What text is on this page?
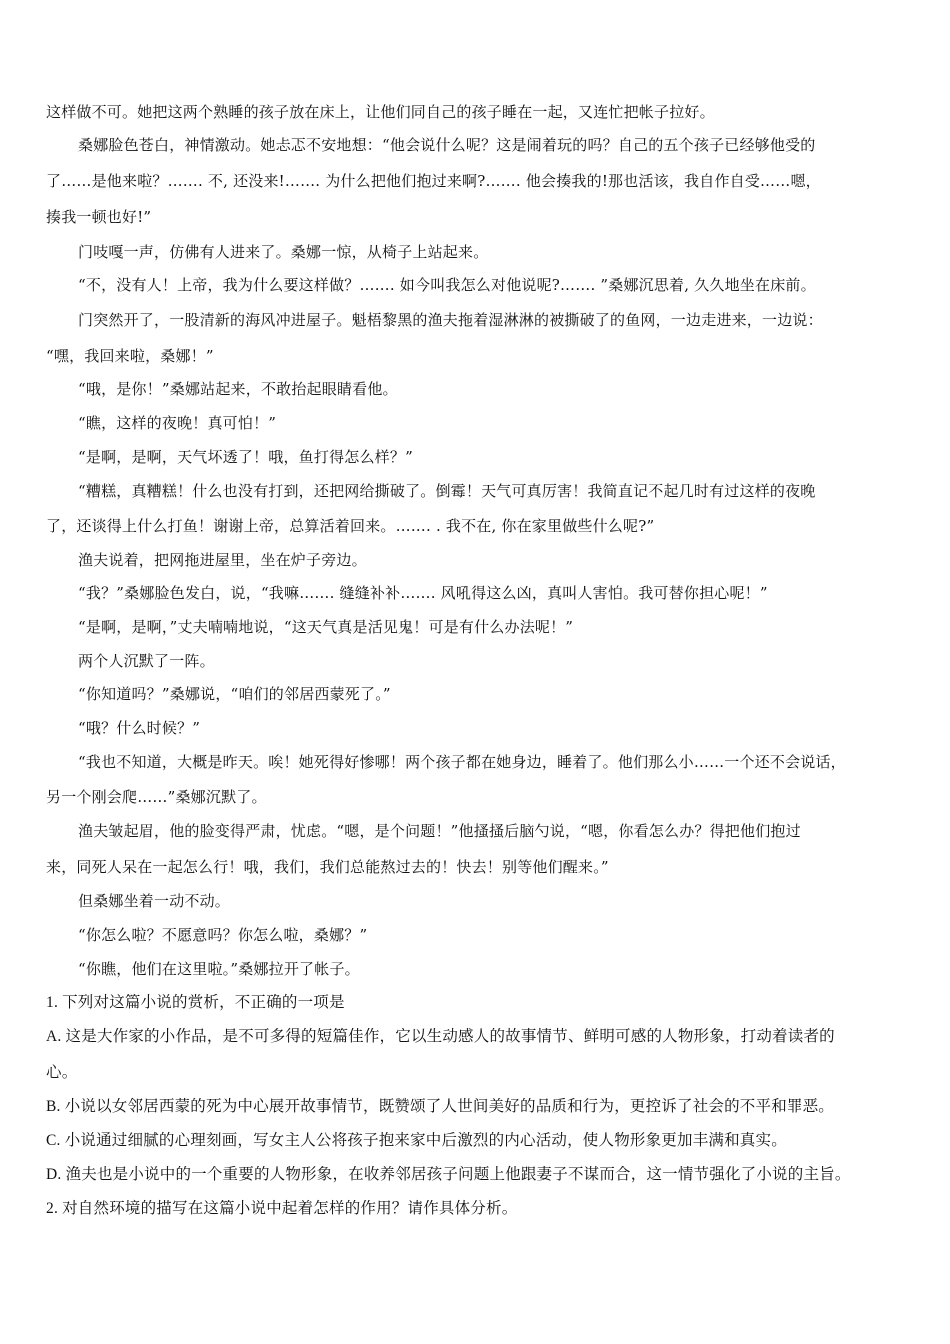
这样做不可。她把这两个熟睡的孩子放在床上，让他们同自己的孩子睡在一起，又连忙把帐子拉好。
桑娜脸色苍白，神情激动。她忐忑不安地想：“他会说什么呢？这是闹着玩的吗？自己的五个孩子已经够他受的
了……是他来啦？……. 不, 还没来!……. 为什么把他们抱过来啊?……. 他会揍我的!那也活该，我自作自受……嗯，
揍我一顿也好!”
门吱嘎一声，仿佛有人进来了。桑娜一惊，从椅子上站起来。
“不，没有人！上帝，我为什么要这样做？……. 如今叫我怎么对他说呢?……. ”桑娜沉思着, 久久地坐在床前。
门突然开了，一股清新的海风冲进屋子。魁梧黎黑的渔夫拖着湿淋淋的被撕破了的鱼网，一边走进来，一边说：
“嘿，我回来啦，桑娜！”
“哦，是你！”桑娜站起来，不敢抬起眼睛看他。
“瞧，这样的夜晚！真可怕！”
“是啊，是啊，天气坏透了！哦，鱼打得怎么样？”
“糟糕，真糟糕！什么也没有打到，还把网给撕破了。倒霉！天气可真厉害！我简直记不起几时有过这样的夜晚
了，还谈得上什么打鱼！谢谢上帝，总算活着回来。……. . 我不在, 你在家里做些什么呢?”
渔夫说着，把网拖进屋里，坐在炉子旁边。
“我？”桑娜脸色发白，说，“我嘛……. 缝缝补补……. 风吼得这么凶，真叫人害怕。我可替你担心呢！”
“是啊，是啊，”丈夫喃喃地说，“这天气真是活见鬼！可是有什么办法呢！”
两个人沉默了一阵。
“你知道吗？”桑娜说，“咱们的邻居西蒙死了。”
“哦？什么时候？”
“我也不知道，大概是昨天。唉！她死得好惨哪！两个孩子都在她身边，睡着了。他们那么小……一个还不会说话，
另一个刚会爬……”桑娜沉默了。
渔夫皱起眉，他的脸变得严肃，忧虑。“嗯，是个问题！”他搔搔后脑勺说，“嗯，你看怎么办？得把他们抱过
来，同死人呆在一起怎么行！哦，我们，我们总能熬过去的！快去！别等他们醒来。”
但桑娜坐着一动不动。
“你怎么啦？不愿意吗？你怎么啦，桑娜？”
“你瞧，他们在这里啦。”桑娜拉开了帐子。
1. 下列对这篇小说的赏析，不正确的一项是
A. 这是大作家的小作品，是不可多得的短篇佳作，它以生动感人的故事情节、鲜明可感的人物形象，打动着读者的
心。
B. 小说以女邻居西蒙的死为中心展开故事情节，既赞颂了人世间美好的品质和行为，更控诉了社会的不平和罪恶。
C. 小说通过细腻的心理刻画，写女主人公将孩子抱来家中后激烈的内心活动，使人物形象更加丰满和真实。
D. 渔夫也是小说中的一个重要的人物形象，在收养邻居孩子问题上他跟妻子不谋而合，这一情节强化了小说的主旨。
2. 对自然环境的描写在这篇小说中起着怎样的作用？请作具体分析。
